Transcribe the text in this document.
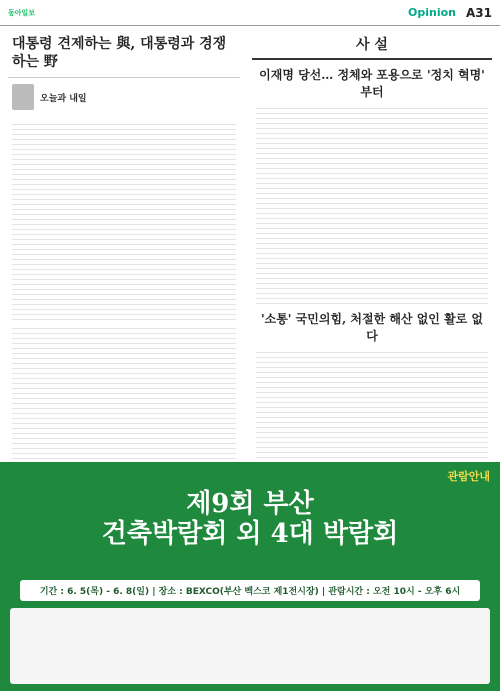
동아일보	Opinion A31
대통령 견제하는 與, 대통령과 경쟁하는 野
오늘과 내일
사 설
이재명 당선… 정체와 포용으로 '정치 혁명' 부터
'소통' 국민의힘, 처절한 해산 없인 활로 없다
관람안내
제9회 부산
건축박람회 외 4대 박람회
기간 : 6. 5(목) - 6. 8(일) | 장소 : BEXCO(부산 벡스코 제1전시장) | 관람시간 : 오전 10시 - 오후 6시
